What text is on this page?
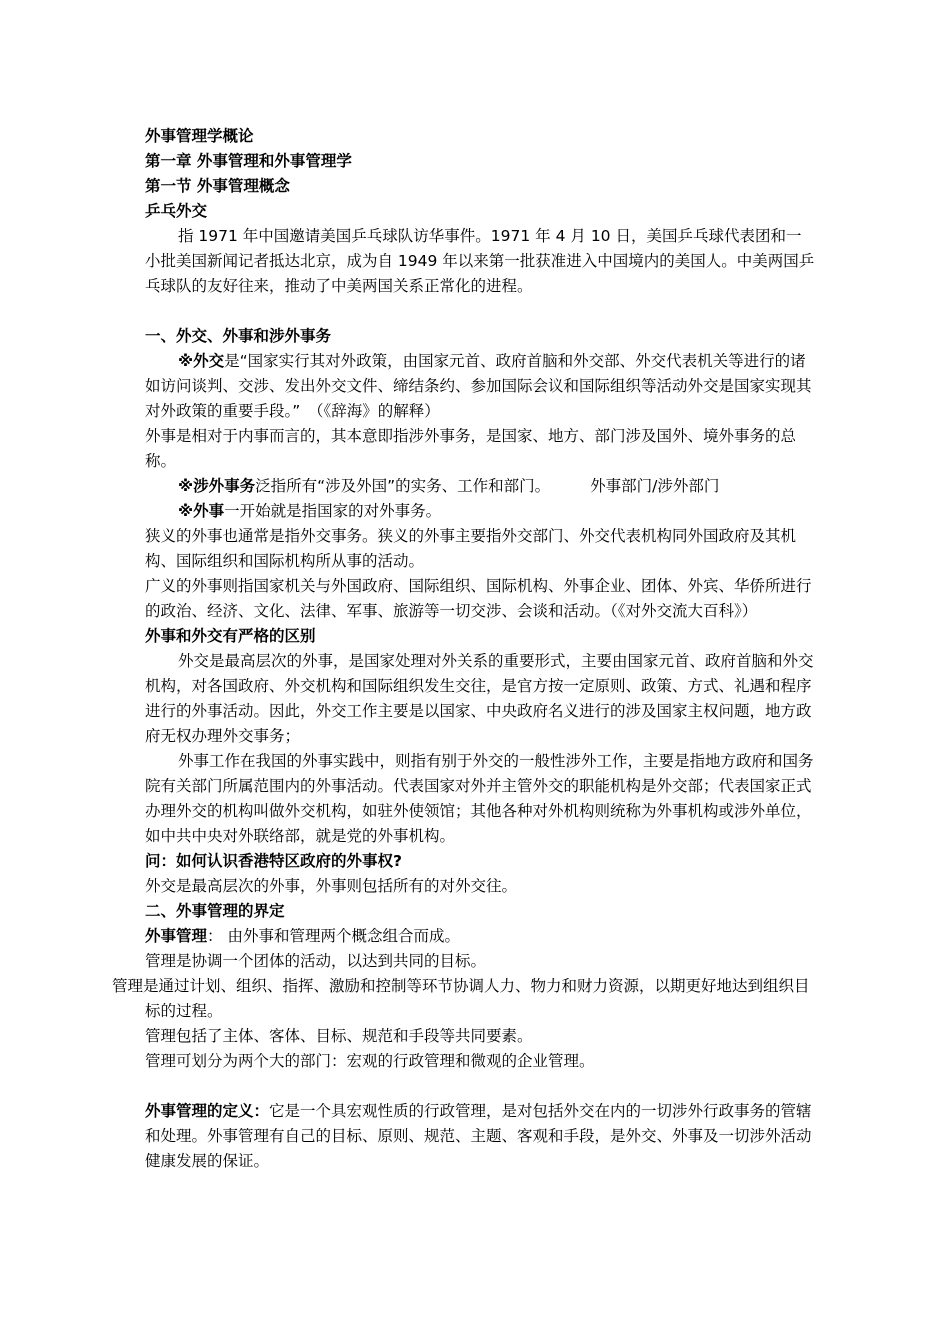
外事管理学概论

第一章 外事管理和外事管理学

第一节 外事管理概念

乒乓外交

指 1971 年中国邀请美国乒乓球队访华事件。1971 年 4 月 10 日，美国乒乓球代表团和一小批美国新闻记者抵达北京，成为自 1949 年以来第一批获准进入中国境内的美国人。中美两国乒乓球队的友好往来，推动了中美两国关系正常化的进程。

一、外交、外事和涉外事务

※外交是“国家实行其对外政策，由国家元首、政府首脑和外交部、外交代表机关等进行的诸如访问谈判、交涉、发出外交文件、缔结条约、参加国际会议和国际组织等活动外交是国家实现其对外政策的重要手段。”　（《辞海》的解释）

外事是相对于内事而言的，其本意即指涉外事务，是国家、地方、部门涉及国外、境外事务的总称。

※涉外事务泛指所有“涉及外国”的实务、工作和部门。	外事部门/涉外部门

※外事一开始就是指国家的对外事务。

狭义的外事也通常是指外交事务。狭义的外事主要指外交部门、外交代表机构同外国政府及其机构、国际组织和国际机构所从事的活动。

广义的外事则指国家机关与外国政府、国际组织、国际机构、外事企业、团体、外宾、华侨所进行的政治、经济、文化、法律、军事、旅游等一切交涉、会谈和活动。（《对外交流大百科》）

外事和外交有严格的区别

外交是最高层次的外事，是国家处理对外关系的重要形式，主要由国家元首、政府首脑和外交机构，对各国政府、外交机构和国际组织发生交往，是官方按一定原则、政策、方式、礼遇和程序进行的外事活动。因此，外交工作主要是以国家、中央政府名义进行的涉及国家主权问题，地方政府无权办理外交事务；

外事工作在我国的外事实践中，则指有别于外交的一般性涉外工作，主要是指地方政府和国务院有关部门所属范围内的外事活动。代表国家对外并主管外交的职能机构是外交部；代表国家正式办理外交的机构叫做外交机构，如驻外使领馆；其他各种对外机构则统称为外事机构或涉外单位，如中共中央对外联络部，就是党的外事机构。

问：如何认识香港特区政府的外事权?

外交是最高层次的外事，外事则包括所有的对外交往。

二、外事管理的界定

外事管理： 由外事和管理两个概念组合而成。

管理是协调一个团体的活动，以达到共同的目标。

管理是通过计划、组织、指挥、激励和控制等环节协调人力、物力和财力资源，以期更好地达到组织目标的过程。

管理包括了主体、客体、目标、规范和手段等共同要素。

管理可划分为两个大的部门：宏观的行政管理和微观的企业管理。

外事管理的定义：它是一个具宏观性质的行政管理，是对包括外交在内的一切涉外行政事务的管辖和处理。外事管理有自己的目标、原则、规范、主题、客观和手段，是外交、外事及一切涉外活动健康发展的保证。
